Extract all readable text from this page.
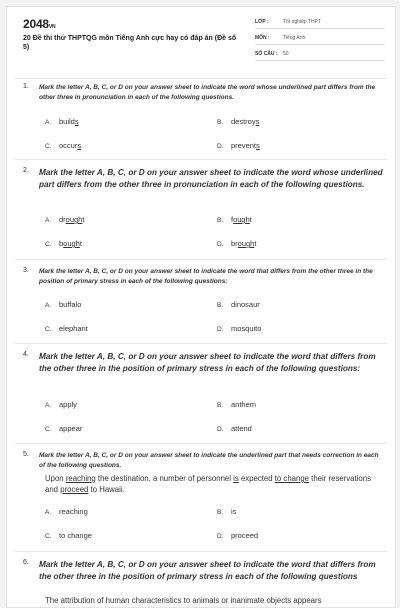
2048VN
20 Đề thi thử THPTQG môn Tiếng Anh cực hay có đáp án (Đề số 5)
LỚP :	Tốt nghiệp THPT
MÔN :	Tiếng Anh
SỐ CÂU : 50
1. Mark the letter A, B, C, or D on your answer sheet to indicate the word whose underlined part differs from the other three in pronunciation in each of the following questions.
A. builds	B. destroys
C. occurs	D. prevents
2. Mark the letter A, B, C, or D on your answer sheet to indicate the word whose underlined part differs from the other three in pronunciation in each of the following questions.
A. drought	B. fought
C. bought	D. brought
3. Mark the letter A, B, C, or D on your answer sheet to indicate the word that differs from the other three in the position of primary stress in each of the following questions:
A. buffalo	B. dinosaur
C. elephant	D. mosquito
4. Mark the letter A, B, C, or D on your answer sheet to indicate the word that differs from the other three in the position of primary stress in each of the following questions:
A. apply	B. anthem
C. appear	D. attend
5. Mark the letter A, B, C, or D on your answer sheet to indicate the underlined part that needs correction in each of the following questions.
Upon reaching the destination, a number of personnel is expected to change their reservations and proceed to Hawaii.
A. reaching	B. is
C. to change	D. proceed
6. Mark the letter A, B, C, or D on your answer sheet to indicate the word that differs from the other three in the position of primary stress in each of the following questions
The attribution of human characteristics to animals or inanimate objects appears
